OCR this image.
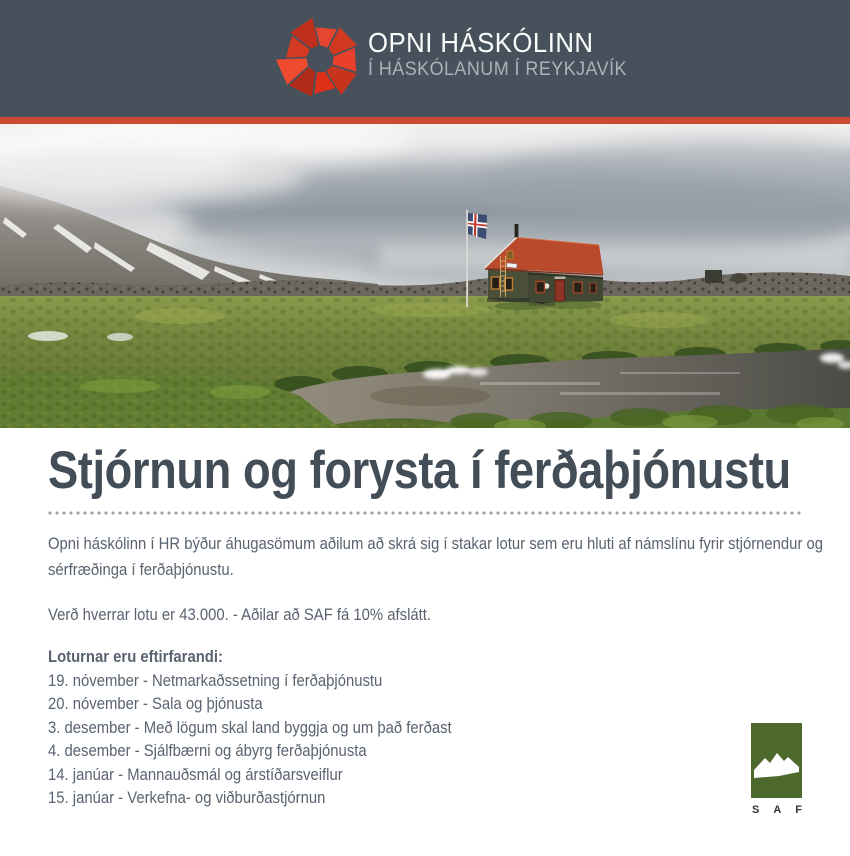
OPNI HÁSKÓLINN
Í HÁSKÓLANUM Í REYKJAVÍK
Stjórnun og forysta í ferðaþjónustu
Opni háskólinn í HR býður áhugasömum aðilum að skrá sig í stakar lotur sem eru hluti af námslínu fyrir stjórnendur og
sérfræðinga í ferðaþjónustu.
Verð hverrar lotu er 43.000. - Aðilar að SAF fá 10% afslátt.
Loturnar eru eftirfarandi:
19. nóvember - Netmarkaðssetning í ferðaþjónustu
20. nóvember - Sala og þjónusta
3. desember - Með lögum skal land byggja og um það ferðast
4. desember - Sjálfbærni og ábyrg ferðaþjónusta
14. janúar - Mannauðsmál og árstíðarsveiflur
15. janúar - Verkefna- og viðburðastjórnun
S A F
